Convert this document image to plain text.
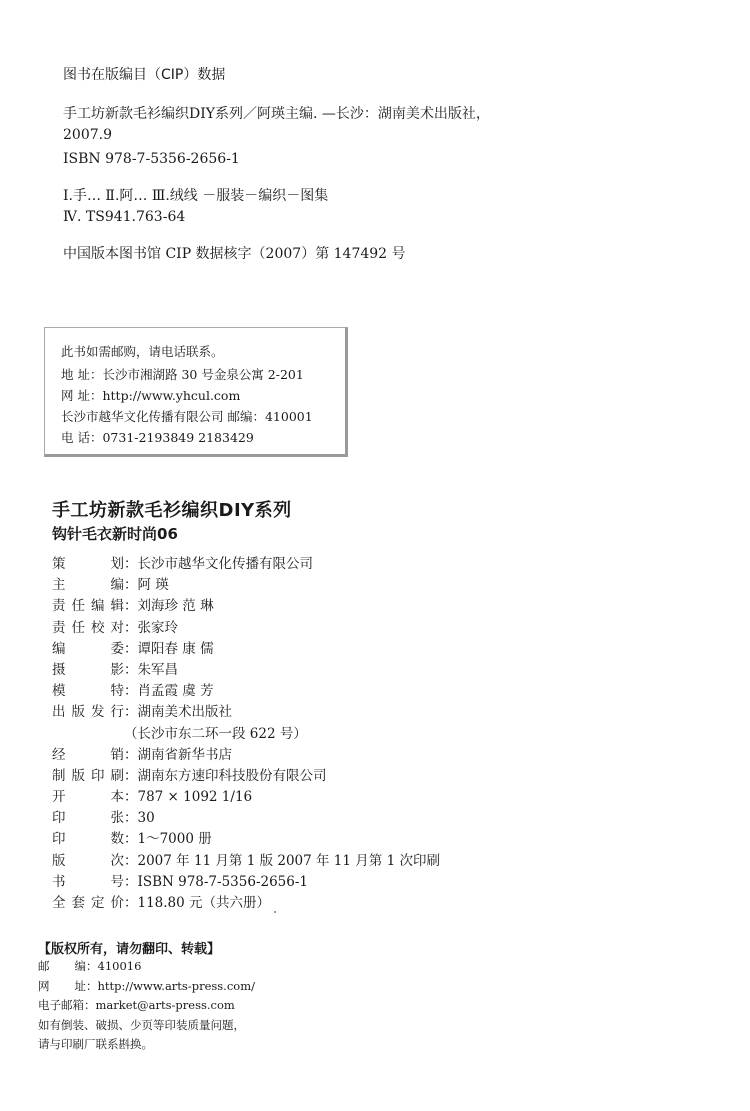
图书在版编目（CIP）数据
手工坊新款毛衫编织DIY系列／阿瑛主编. —长沙：湖南美术出版社，
2007.9
ISBN 978-7-5356-2656-1
Ⅰ.手… Ⅱ.阿… Ⅲ.绒线 －服装－编织－图集
Ⅳ. TS941.763-64
中国版本图书馆 CIP 数据核字（2007）第 147492 号
此书如需邮购，请电话联系。
地 址：长沙市湘湖路 30 号金泉公寓 2-201
网 址：http://www.yhcul.com
长沙市越华文化传播有限公司 邮编：410001
电 话：0731-2193849 2183429
手工坊新款毛衫编织DIY系列
钩针毛衣新时尚06
策划 ：长沙市越华文化传播有限公司
主编 ：阿 瑛
责任编辑 ：刘海珍 范 琳
责任校对 ：张家玲
编委 ：谭阳春 康 儒
摄影 ：朱军昌
模特 ：肖孟霞 虞 芳
出版发行 ：湖南美术出版社
（长沙市东二环一段 622 号）
经销 ：湖南省新华书店
制版印刷 ：湖南东方速印科技股份有限公司
开本 ：787 × 1092 1/16
印张 ：30
印数 ：1～7000 册
版次 ：2007 年 11 月第 1 版 2007 年 11 月第 1 次印刷
书号 ：ISBN 978-7-5356-2656-1
全套定价 ：118.80 元（共六册）
【版权所有，请勿翻印、转载】
邮编：410016
网址：http://www.arts-press.com/
电子邮箱：market@arts-press.com
如有倒装、破损、少页等印装质量问题，
请与印刷厂联系斟换。
